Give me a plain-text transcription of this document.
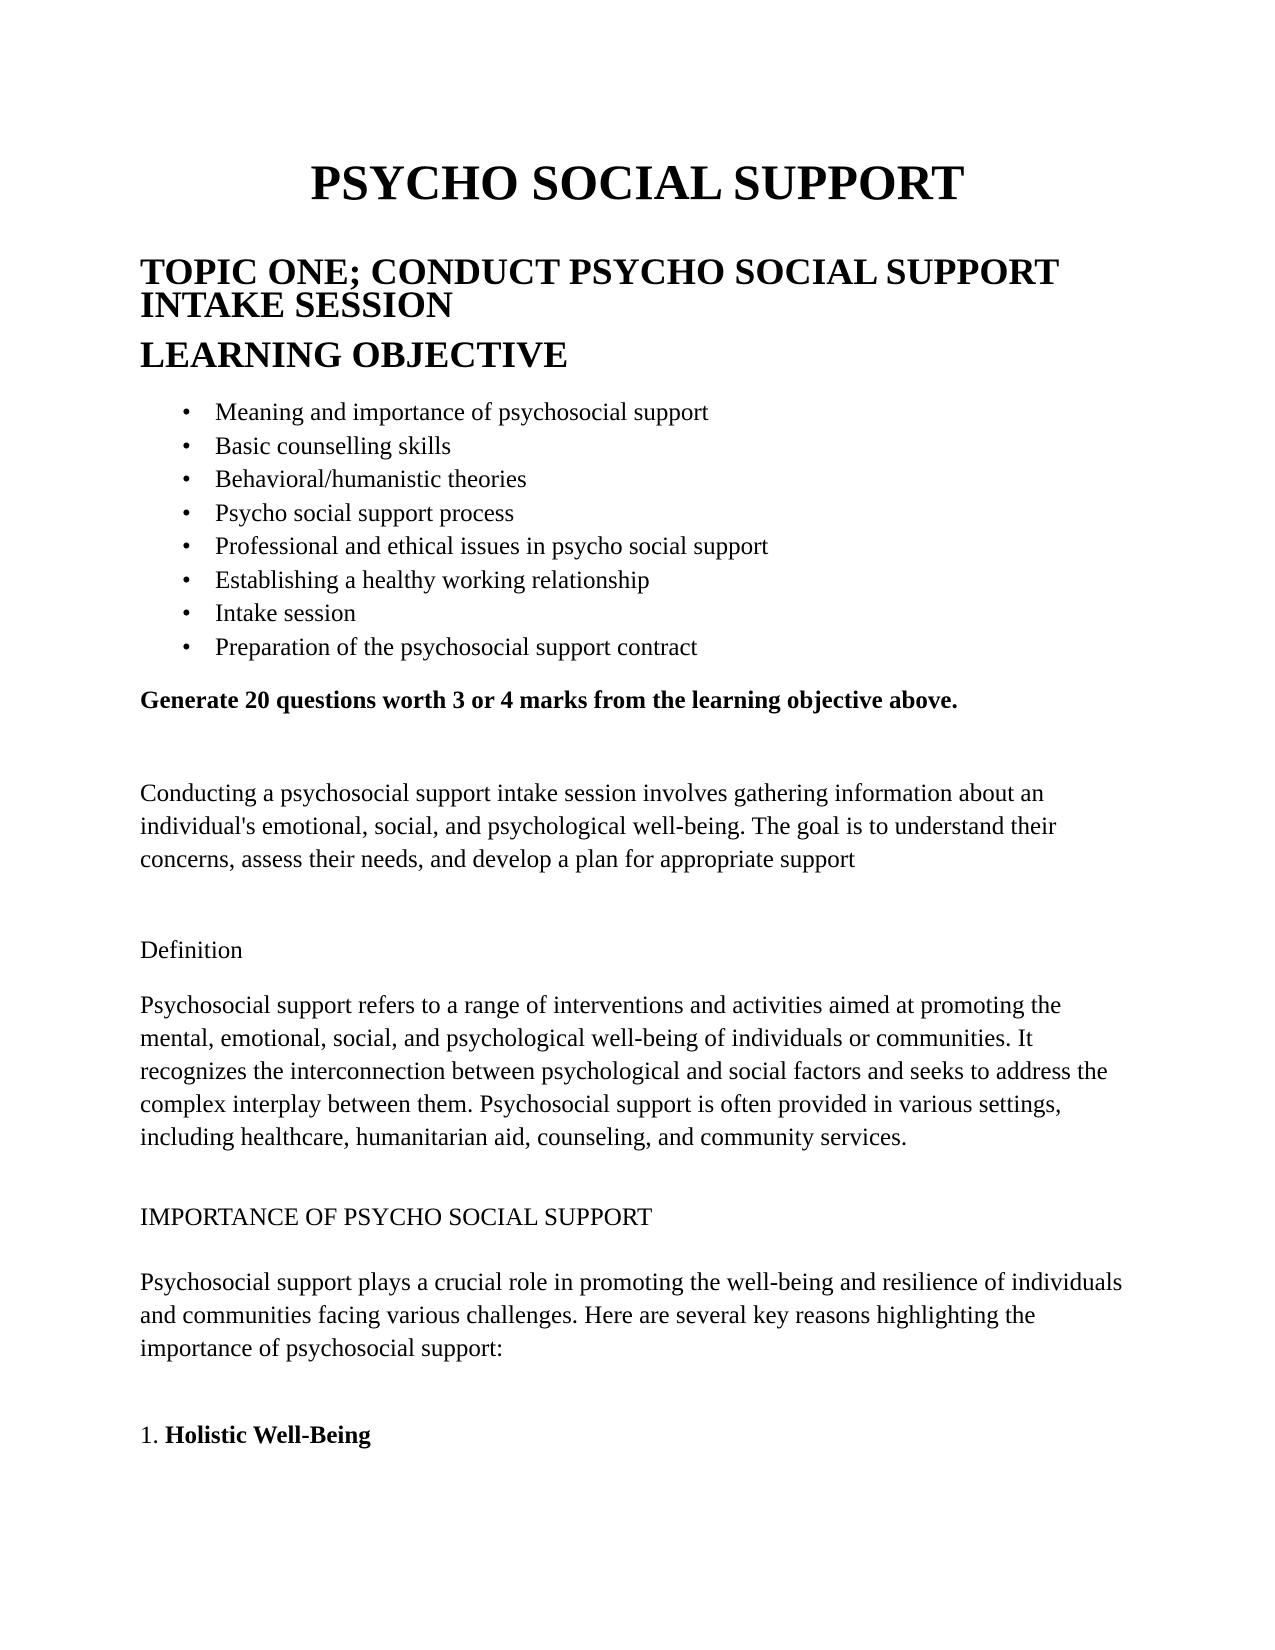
PSYCHO SOCIAL SUPPORT
TOPIC ONE; CONDUCT PSYCHO SOCIAL SUPPORT INTAKE SESSION
LEARNING OBJECTIVE
• Meaning and importance of psychosocial support
• Basic counselling skills
• Behavioral/humanistic theories
• Psycho social support process
• Professional and ethical issues in psycho social support
• Establishing a healthy working relationship
• Intake session
• Preparation of the psychosocial support contract

Generate 20 questions worth 3 or 4 marks from the learning objective above.

Conducting a psychosocial support intake session involves gathering information about an individual's emotional, social, and psychological well-being. The goal is to understand their concerns, assess their needs, and develop a plan for appropriate support

Definition

Psychosocial support refers to a range of interventions and activities aimed at promoting the mental, emotional, social, and psychological well-being of individuals or communities. It recognizes the interconnection between psychological and social factors and seeks to address the complex interplay between them. Psychosocial support is often provided in various settings, including healthcare, humanitarian aid, counseling, and community services.

IMPORTANCE OF PSYCHO SOCIAL SUPPORT

Psychosocial support plays a crucial role in promoting the well-being and resilience of individuals and communities facing various challenges. Here are several key reasons highlighting the importance of psychosocial support:

1. Holistic Well-Being
